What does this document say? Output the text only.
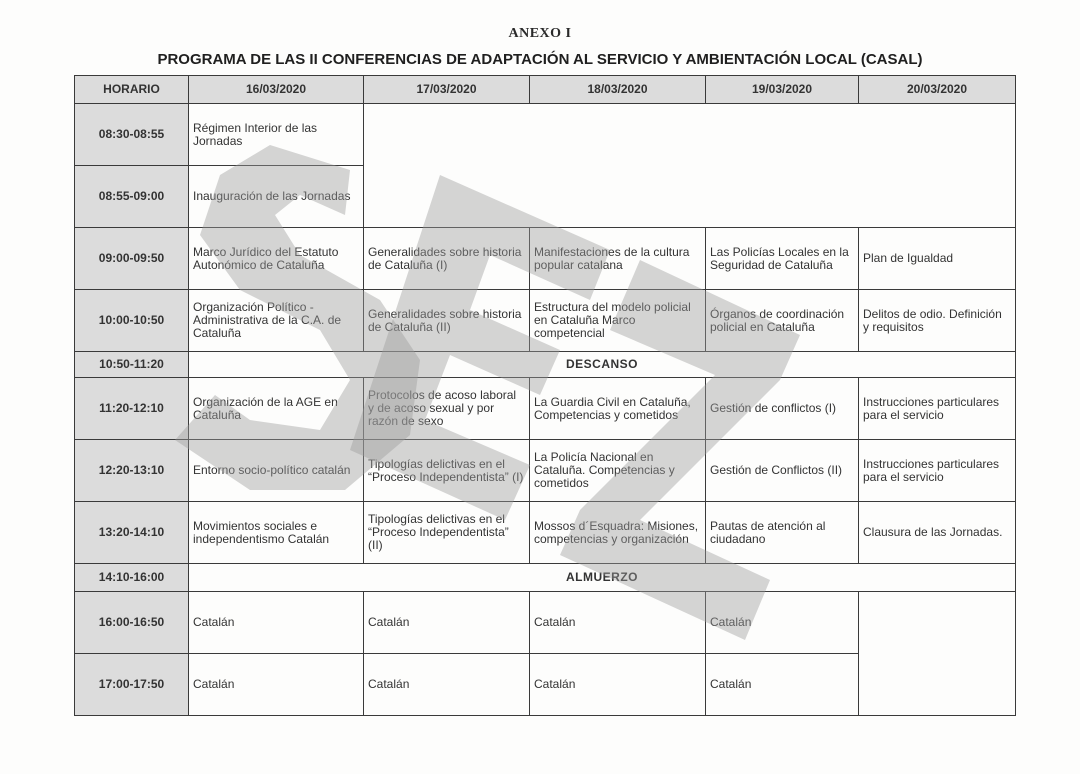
ANEXO I
PROGRAMA DE LAS II CONFERENCIAS DE ADAPTACIÓN AL SERVICIO Y AMBIENTACIÓN LOCAL (CASAL)
HORARIO	16/03/2020	17/03/2020	18/03/2020	19/03/2020	20/03/2020
08:30-08:55	Régimen Interior de las Jornadas				
08:55-09:00	Inauguración de las Jornadas				
09:00-09:50	Marco Jurídico del Estatuto Autonómico de Cataluña	Generalidades sobre historia de Cataluña (I)	Manifestaciones de la cultura popular catalana	Las Policías Locales en la Seguridad de Cataluña	Plan de Igualdad
10:00-10:50	Organización Político - Administrativa de la C.A. de Cataluña	Generalidades sobre historia de Cataluña (II)	Estructura del modelo policial en Cataluña Marco competencial	Órganos de coordinación policial en Cataluña	Delitos de odio. Definición y requisitos
10:50-11:20	DESCANSO				
11:20-12:10	Organización de la AGE en Cataluña	Protocolos de acoso laboral y de acoso sexual y por razón de sexo	La Guardia Civil en Cataluña, Competencias y cometidos	Gestión de conflictos (I)	Instrucciones particulares para el servicio
12:20-13:10	Entorno socio-político catalán	Tipologías delictivas en el “Proceso Independentista” (I)	La Policía Nacional en Cataluña. Competencias y cometidos	Gestión de Conflictos (II)	Instrucciones particulares para el servicio
13:20-14:10	Movimientos sociales e independentismo Catalán	Tipologías delictivas en el “Proceso Independentista” (II)	Mossos d´Esquadra: Misiones, competencias y organización	Pautas de atención al ciudadano	Clausura de las Jornadas.
14:10-16:00	ALMUERZO				
16:00-16:50	Catalán	Catalán	Catalán	Catalán	
17:00-17:50	Catalán	Catalán	Catalán	Catalán	
